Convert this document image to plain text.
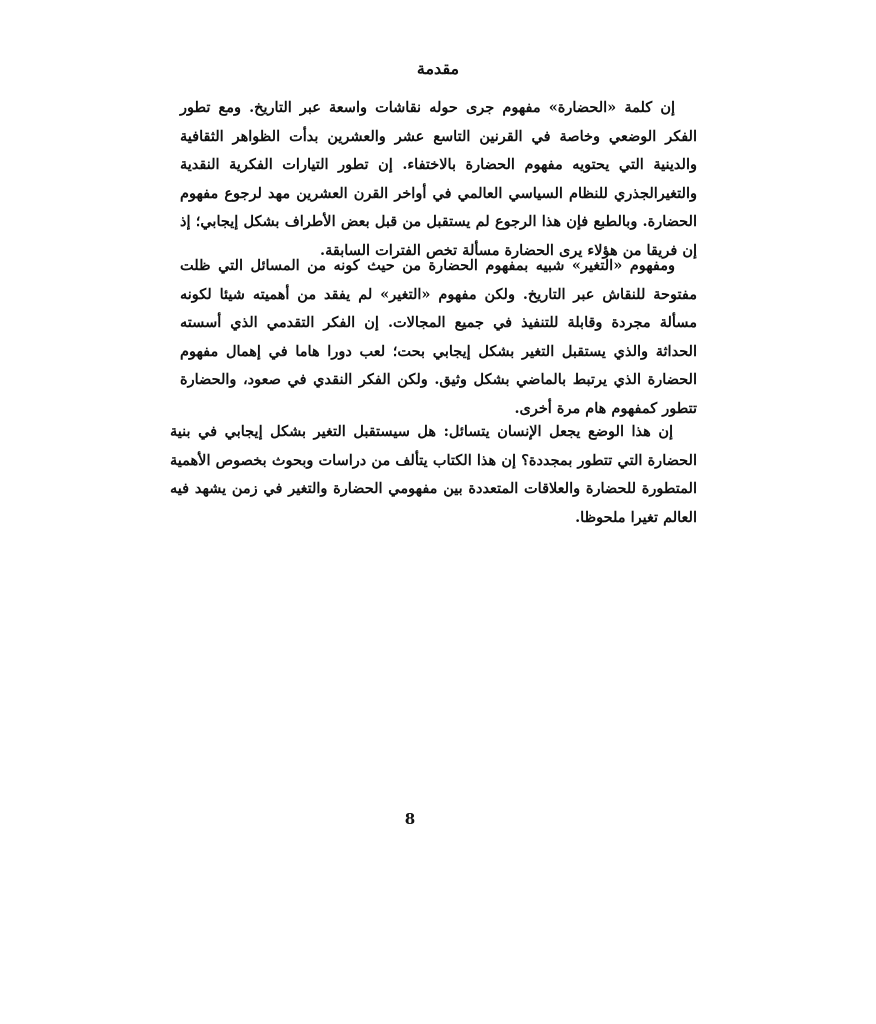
مقدمة

إن كلمة «الحضارة» مفهوم جرى حوله نقاشات واسعة عبر التاريخ. ومع تطور الفكر الوضعي وخاصة في القرنين التاسع عشر والعشرين بدأت الظواهر الثقافية والدينية التي يحتويه مفهوم الحضارة بالاختفاء. إن تطور التيارات الفكرية النقدية والتغيرالجذري للنظام السياسي العالمي في أواخر القرن العشرين مهد لرجوع مفهوم الحضارة. وبالطبع فإن هذا الرجوع لم يستقبل من قبل بعض الأطراف بشكل إيجابي؛ إذ إن فريقا من هؤلاء يرى الحضارة مسألة تخص الفترات السابقة.

ومفهوم «التغير» شبيه بمفهوم الحضارة من حيث كونه من المسائل التي ظلت مفتوحة للنقاش عبر التاريخ. ولكن مفهوم «التغير» لم يفقد من أهميته شيئا لكونه مسألة مجردة وقابلة للتنفيذ في جميع المجالات. إن الفكر التقدمي الذي أسسته الحداثة والذي يستقبل التغير بشكل إيجابي بحت؛ لعب دورا هاما في إهمال مفهوم الحضارة الذي يرتبط بالماضي بشكل وثيق. ولكن الفكر النقدي في صعود، والحضارة تتطور كمفهوم هام مرة أخرى.

إن هذا الوضع يجعل الإنسان يتسائل: هل سيستقبل التغير بشكل إيجابي في بنية الحضارة التي تتطور بمجددة؟ إن هذا الكتاب يتألف من دراسات وبحوث بخصوص الأهمية المتطورة للحضارة والعلاقات المتعددة بين مفهومي الحضارة والتغير في زمن يشهد فيه العالم تغيرا ملحوظا.

8
